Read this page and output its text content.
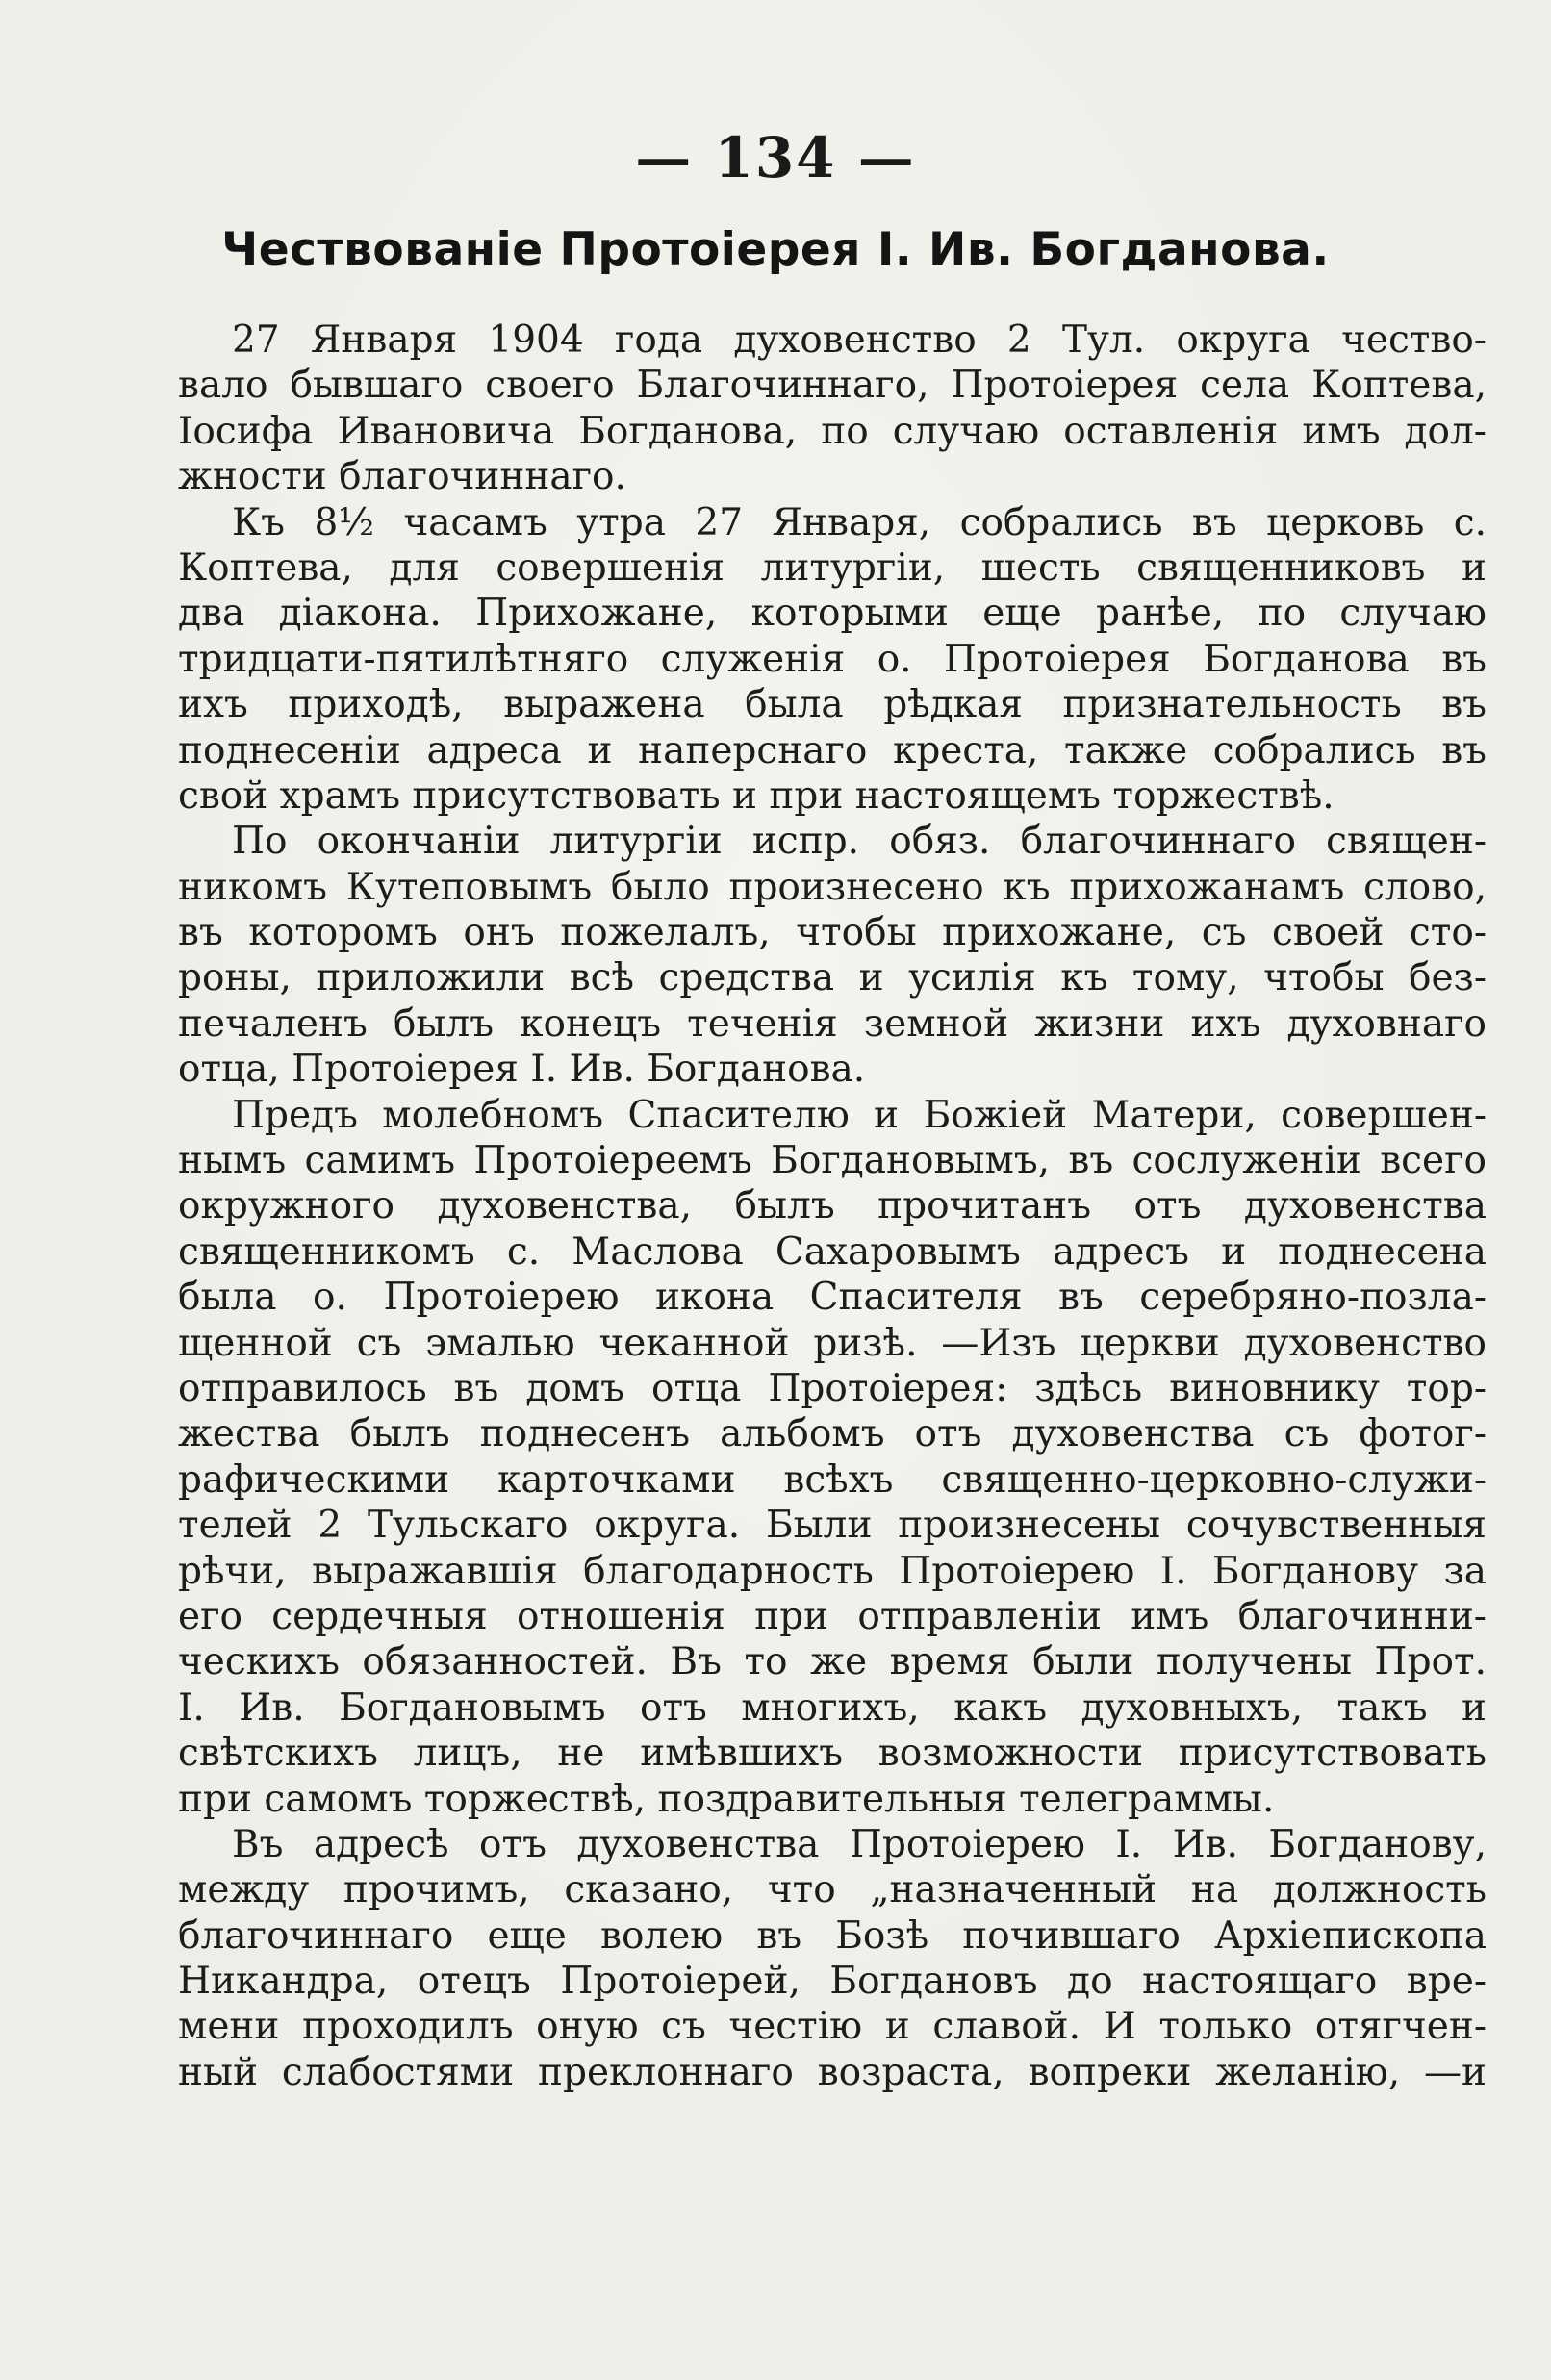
— 134 —
Чествованіе Протоіерея I. Ив. Богданова.
27 Января 1904 года духовенство 2 Тул. округа чество-
вало бывшаго своего Благочиннаго, Протоіерея села Коптева,
Іосифа Ивановича Богданова, по случаю оставленія имъ дол-
жности благочиннаго.
Къ 8½ часамъ утра 27 Января, собрались въ церковь с.
Коптева, для совершенія литургіи, шесть священниковъ и
два діакона. Прихожане, которыми еще ранѣе, по случаю
тридцати-пятилѣтняго служенія о. Протоіерея Богданова въ
ихъ приходѣ, выражена была рѣдкая признательность въ
поднесеніи адреса и наперснаго креста, также собрались въ
свой храмъ присутствовать и при настоящемъ торжествѣ.
По окончаніи литургіи испр. обяз. благочиннаго священ-
никомъ Кутеповымъ было произнесено къ прихожанамъ слово,
въ которомъ онъ пожелалъ, чтобы прихожане, съ своей сто-
роны, приложили всѣ средства и усилія къ тому, чтобы без-
печаленъ былъ конецъ теченія земной жизни ихъ духовнаго
отца, Протоіерея I. Ив. Богданова.
Предъ молебномъ Спасителю и Божіей Матери, совершен-
нымъ самимъ Протоіереемъ Богдановымъ, въ сослуженіи всего
окружного духовенства, былъ прочитанъ отъ духовенства
священникомъ с. Маслова Сахаровымъ адресъ и поднесена
была о. Протоіерею икона Спасителя въ серебряно-позла-
щенной съ эмалью чеканной ризѣ. —Изъ церкви духовенство
отправилось въ домъ отца Протоіерея: здѣсь виновнику тор-
жества былъ поднесенъ альбомъ отъ духовенства съ фотог-
рафическими карточками всѣхъ священно-церковно-служи-
телей 2 Тульскаго округа. Были произнесены сочувственныя
рѣчи, выражавшія благодарность Протоіерею I. Богданову за
его сердечныя отношенія при отправленіи имъ благочинни-
ческихъ обязанностей. Въ то же время были получены Прот.
I. Ив. Богдановымъ отъ многихъ, какъ духовныхъ, такъ и
свѣтскихъ лицъ, не имѣвшихъ возможности присутствовать
при самомъ торжествѣ, поздравительныя телеграммы.
Въ адресѣ отъ духовенства Протоіерею I. Ив. Богданову,
между прочимъ, сказано, что „назначенный на должность
благочиннаго еще волею въ Бозѣ почившаго Архіепископа
Никандра, отецъ Протоіерей, Богдановъ до настоящаго вре-
мени проходилъ оную съ честію и славой. И только отягчен-
ный слабостями преклоннаго возраста, вопреки желанію, —и
